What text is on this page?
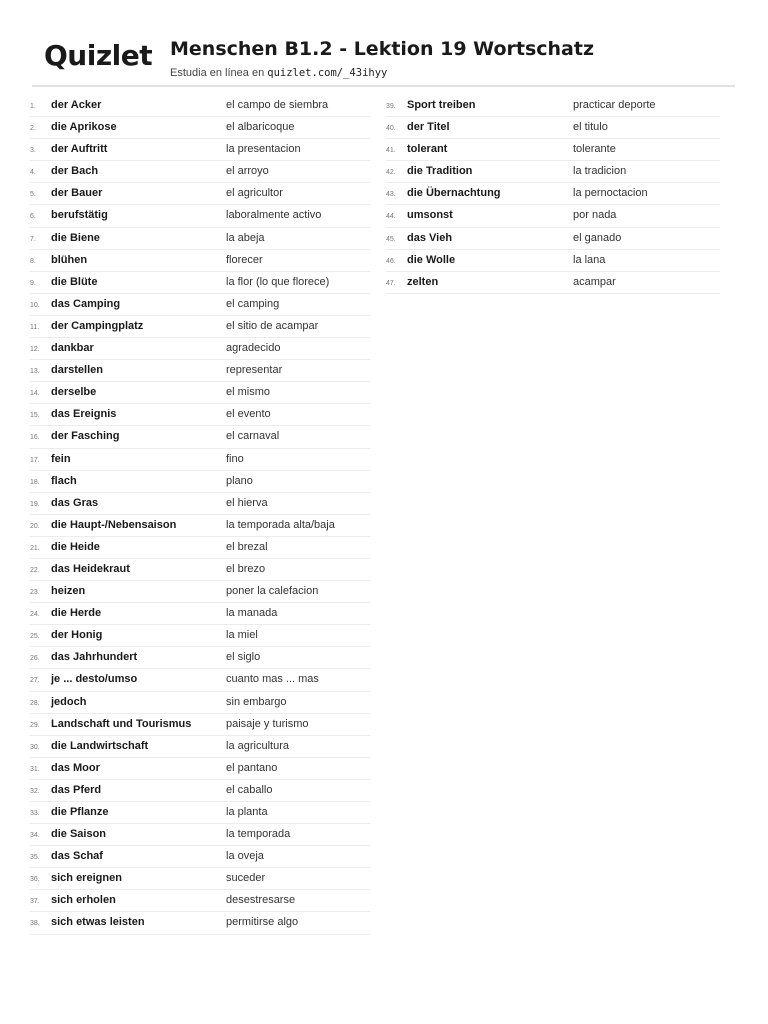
Quizlet Menschen B1.2 - Lektion 19 Wortschatz
Estudia en línea en quizlet.com/_43ihyy
1.	der Acker	el campo de siembra
2.	die Aprikose	el albaricoque
3.	der Auftritt	la presentacion
4.	der Bach	el arroyo
5.	der Bauer	el agricultor
6.	berufstätig	laboralmente activo
7.	die Biene	la abeja
8.	blühen	florecer
9.	die Blüte	la flor (lo que florece)
10.	das Camping	el camping
11.	der Campingplatz	el sitio de acampar
12.	dankbar	agradecido
13.	darstellen	representar
14.	derselbe	el mismo
15.	das Ereignis	el evento
16.	der Fasching	el carnaval
17.	fein	fino
18.	flach	plano
19.	das Gras	el hierva
20.	die Haupt-/Nebensaison	la temporada alta/baja
21.	die Heide	el brezal
22.	das Heidekraut	el brezo
23.	heizen	poner la calefacion
24.	die Herde	la manada
25.	der Honig	la miel
26.	das Jahrhundert	el siglo
27.	je ... desto/umso	cuanto mas ... mas
28.	jedoch	sin embargo
29.	Landschaft und Tourismus	paisaje y turismo
30.	die Landwirtschaft	la agricultura
31.	das Moor	el pantano
32.	das Pferd	el caballo
33.	die Pflanze	la planta
34.	die Saison	la temporada
35.	das Schaf	la oveja
36.	sich ereignen	suceder
37.	sich erholen	desestresarse
38.	sich etwas leisten	permitirse algo
39.	Sport treiben	practicar deporte
40.	der Titel	el titulo
41.	tolerant	tolerante
42.	die Tradition	la tradicion
43.	die Übernachtung	la pernoctacion
44.	umsonst	por nada
45.	das Vieh	el ganado
46.	die Wolle	la lana
47.	zelten	acampar
